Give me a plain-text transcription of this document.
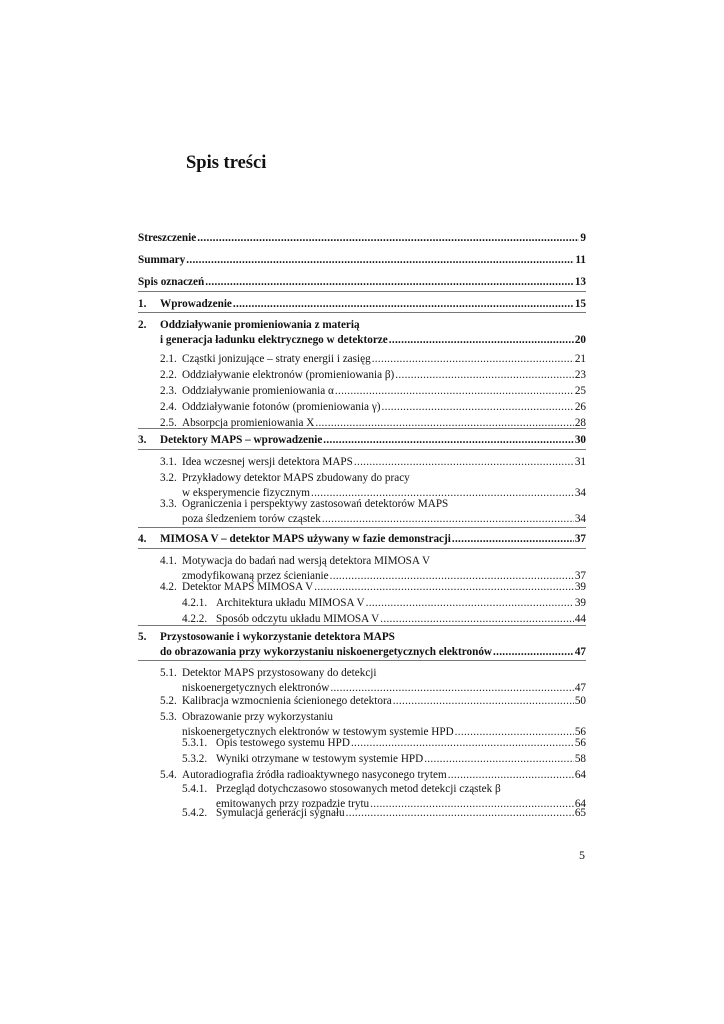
Spis treści
Streszczenie .....	9
Summary .....	11
Spis oznaczeń .....	13
1. Wprowadzenie .....	15
2. Oddziaływanie promieniowania z materią
i generacja ładunku elektrycznego w detektorze .....	20
2.1. Cząstki jonizujące – straty energii i zasięg .....	21
2.2. Oddziaływanie elektronów (promieniowania β) .....	23
2.3. Oddziaływanie promieniowania α .....	25
2.4. Oddziaływanie fotonów (promieniowania γ) .....	26
2.5. Absorpcja promieniowania X .....	28
3. Detektory MAPS – wprowadzenie .....	30
3.1. Idea wczesnej wersji detektora MAPS .....	31
3.2. Przykładowy detektor MAPS zbudowany do pracy
w eksperymencie fizycznym .....	34
3.3. Ograniczenia i perspektywy zastosowań detektorów MAPS
poza śledzeniem torów cząstek .....	34
4. MIMOSA V – detektor MAPS używany w fazie demonstracji .....	37
4.1. Motywacja do badań nad wersją detektora MIMOSA V
zmodyfikowaną przez ścienianie .....	37
4.2. Detektor MAPS MIMOSA V .....	39
4.2.1. Architektura układu MIMOSA V .....	39
4.2.2. Sposób odczytu układu MIMOSA V .....	44
5. Przystosowanie i wykorzystanie detektora MAPS
do obrazowania przy wykorzystaniu niskoenergetycznych elektronów .....	47
5.1. Detektor MAPS przystosowany do detekcji
niskoenergetycznych elektronów .....	47
5.2. Kalibracja wzmocnienia ścienionego detektora .....	50
5.3. Obrazowanie przy wykorzystaniu
niskoenergetycznych elektronów w testowym systemie HPD .....	56
5.3.1. Opis testowego systemu HPD .....	56
5.3.2. Wyniki otrzymane w testowym systemie HPD .....	58
5.4. Autoradiografia źródła radioaktywnego nasyconego trytem .....	64
5.4.1. Przegląd dotychczasowo stosowanych metod detekcji cząstek β
emitowanych przy rozpadzie trytu .....	64
5.4.2. Symulacja generacji sygnału .....	65
5
